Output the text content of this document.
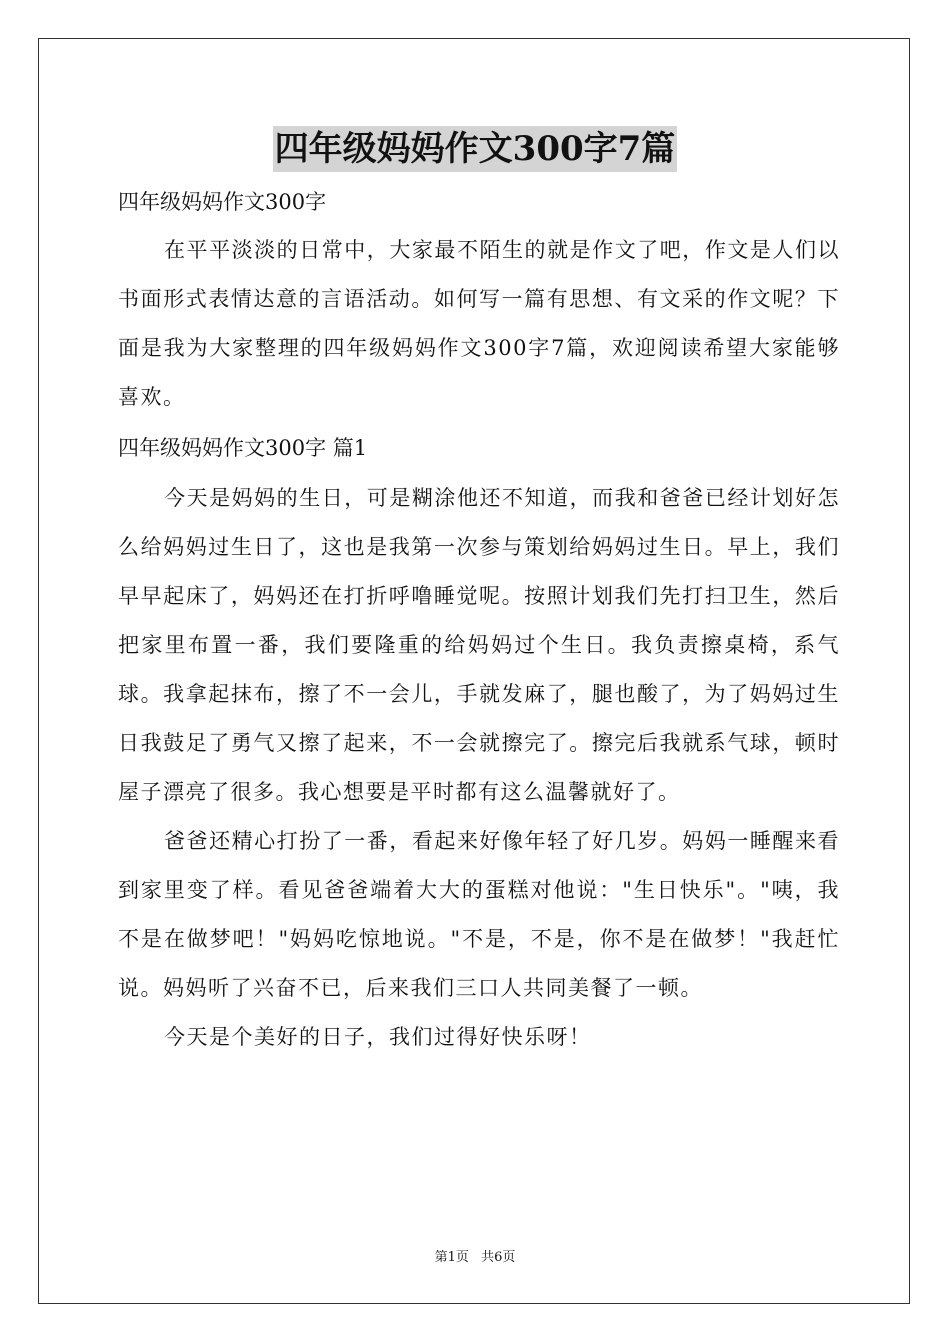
四年级妈妈作文300字7篇
四年级妈妈作文300字

在平平淡淡的日常中，大家最不陌生的就是作文了吧，作文是人们以书面形式表情达意的言语活动。如何写一篇有思想、有文采的作文呢？下面是我为大家整理的四年级妈妈作文300字7篇，欢迎阅读希望大家能够喜欢。

四年级妈妈作文300字 篇1

今天是妈妈的生日，可是糊涂他还不知道，而我和爸爸已经计划好怎么给妈妈过生日了，这也是我第一次参与策划给妈妈过生日。早上，我们早早起床了，妈妈还在打折呼噜睡觉呢。按照计划我们先打扫卫生，然后把家里布置一番，我们要隆重的给妈妈过个生日。我负责擦桌椅，系气球。我拿起抹布，擦了不一会儿，手就发麻了，腿也酸了，为了妈妈过生日我鼓足了勇气又擦了起来，不一会就擦完了。擦完后我就系气球，顿时屋子漂亮了很多。我心想要是平时都有这么温馨就好了。

爸爸还精心打扮了一番，看起来好像年轻了好几岁。妈妈一睡醒来看到家里变了样。看见爸爸端着大大的蛋糕对他说："生日快乐"。"咦，我不是在做梦吧！"妈妈吃惊地说。"不是，不是，你不是在做梦！"我赶忙说。妈妈听了兴奋不已，后来我们三口人共同美餐了一顿。

今天是个美好的日子，我们过得好快乐呀！

第1页 共6页
